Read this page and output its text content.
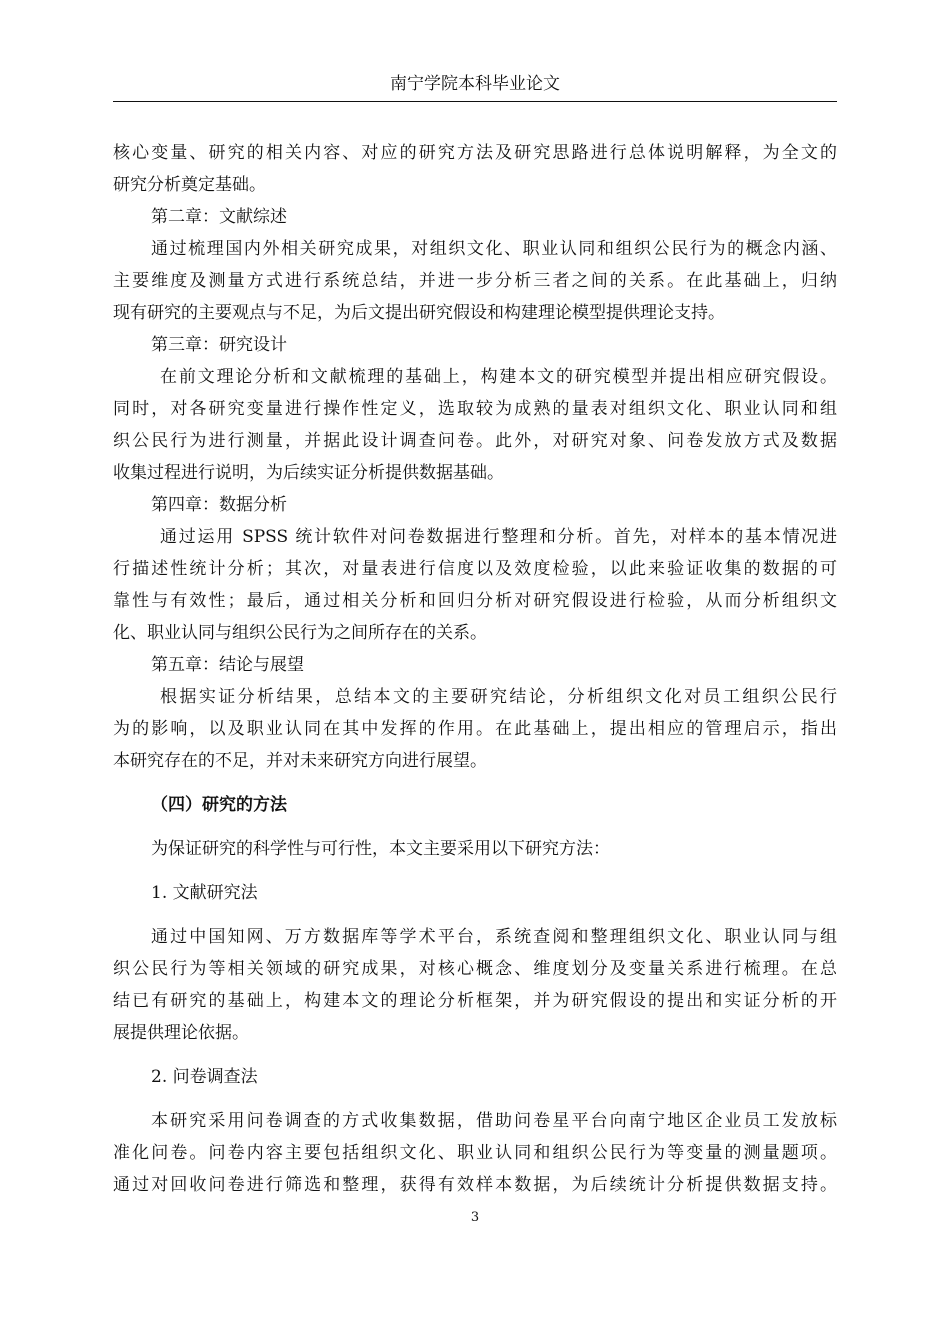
南宁学院本科毕业论文
核心变量、研究的相关内容、对应的研究方法及研究思路进行总体说明解释，为全文的
研究分析奠定基础。
第二章：文献综述
通过梳理国内外相关研究成果，对组织文化、职业认同和组织公民行为的概念内涵、
主要维度及测量方式进行系统总结，并进一步分析三者之间的关系。在此基础上，归纳
现有研究的主要观点与不足，为后文提出研究假设和构建理论模型提供理论支持。
第三章：研究设计
在前文理论分析和文献梳理的基础上，构建本文的研究模型并提出相应研究假设。
同时，对各研究变量进行操作性定义，选取较为成熟的量表对组织文化、职业认同和组
织公民行为进行测量，并据此设计调查问卷。此外，对研究对象、问卷发放方式及数据
收集过程进行说明，为后续实证分析提供数据基础。
第四章：数据分析
通过运用 SPSS 统计软件对问卷数据进行整理和分析。首先，对样本的基本情况进
行描述性统计分析；其次，对量表进行信度以及效度检验，以此来验证收集的数据的可
靠性与有效性；最后，通过相关分析和回归分析对研究假设进行检验，从而分析组织文
化、职业认同与组织公民行为之间所存在的关系。
第五章：结论与展望
根据实证分析结果，总结本文的主要研究结论，分析组织文化对员工组织公民行
为的影响，以及职业认同在其中发挥的作用。在此基础上，提出相应的管理启示，指出
本研究存在的不足，并对未来研究方向进行展望。
（四）研究的方法
为保证研究的科学性与可行性，本文主要采用以下研究方法：
1. 文献研究法
通过中国知网、万方数据库等学术平台，系统查阅和整理组织文化、职业认同与组
织公民行为等相关领域的研究成果，对核心概念、维度划分及变量关系进行梳理。在总
结已有研究的基础上，构建本文的理论分析框架，并为研究假设的提出和实证分析的开
展提供理论依据。
2. 问卷调查法
本研究采用问卷调查的方式收集数据，借助问卷星平台向南宁地区企业员工发放标
准化问卷。问卷内容主要包括组织文化、职业认同和组织公民行为等变量的测量题项。
通过对回收问卷进行筛选和整理，获得有效样本数据，为后续统计分析提供数据支持。
3
